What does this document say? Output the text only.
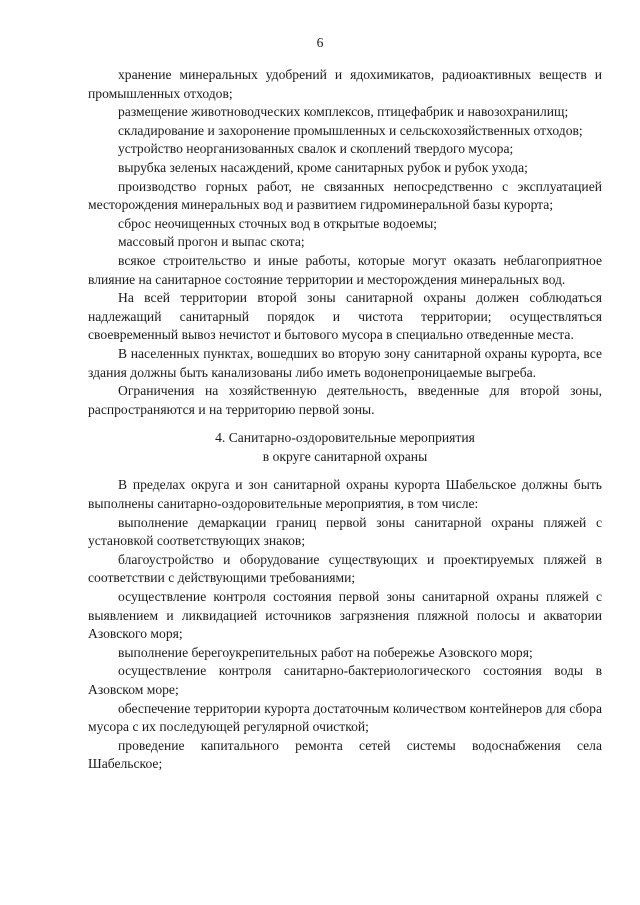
6

хранение минеральных удобрений и ядохимикатов, радиоактивных веществ и промышленных отходов;

размещение животноводческих комплексов, птицефабрик и навозохранилищ;

складирование и захоронение промышленных и сельскохозяйственных отходов;

устройство неорганизованных свалок и скоплений твердого мусора;

вырубка зеленых насаждений, кроме санитарных рубок и рубок ухода;

производство горных работ, не связанных непосредственно с эксплуатацией месторождения минеральных вод и развитием гидроминеральной базы курорта;

сброс неочищенных сточных вод в открытые водоемы;

массовый прогон и выпас скота;

всякое строительство и иные работы, которые могут оказать неблагоприятное влияние на санитарное состояние территории и месторождения минеральных вод.

На всей территории второй зоны санитарной охраны должен соблюдаться надлежащий санитарный порядок и чистота территории; осуществляться своевременный вывоз нечистот и бытового мусора в специально отведенные места.

В населенных пунктах, вошедших во вторую зону санитарной охраны курорта, все здания должны быть канализованы либо иметь водонепроницаемые выгреба.

Ограничения на хозяйственную деятельность, введенные для второй зоны, распространяются и на территорию первой зоны.

4. Санитарно-оздоровительные мероприятия

в округе санитарной охраны

В пределах округа и зон санитарной охраны курорта Шабельское должны быть выполнены санитарно-оздоровительные мероприятия, в том числе:

выполнение демаркации границ первой зоны санитарной охраны пляжей с установкой соответствующих знаков;

благоустройство и оборудование существующих и проектируемых пляжей в соответствии с действующими требованиями;

осуществление контроля состояния первой зоны санитарной охраны пляжей с выявлением и ликвидацией источников загрязнения пляжной полосы и акватории Азовского моря;

выполнение берегоукрепительных работ на побережье Азовского моря;

осуществление контроля санитарно-бактериологического состояния воды в Азовском море;

обеспечение территории курорта достаточным количеством контейнеров для сбора мусора с их последующей регулярной очисткой;

проведение капитального ремонта сетей системы водоснабжения села Шабельское;
